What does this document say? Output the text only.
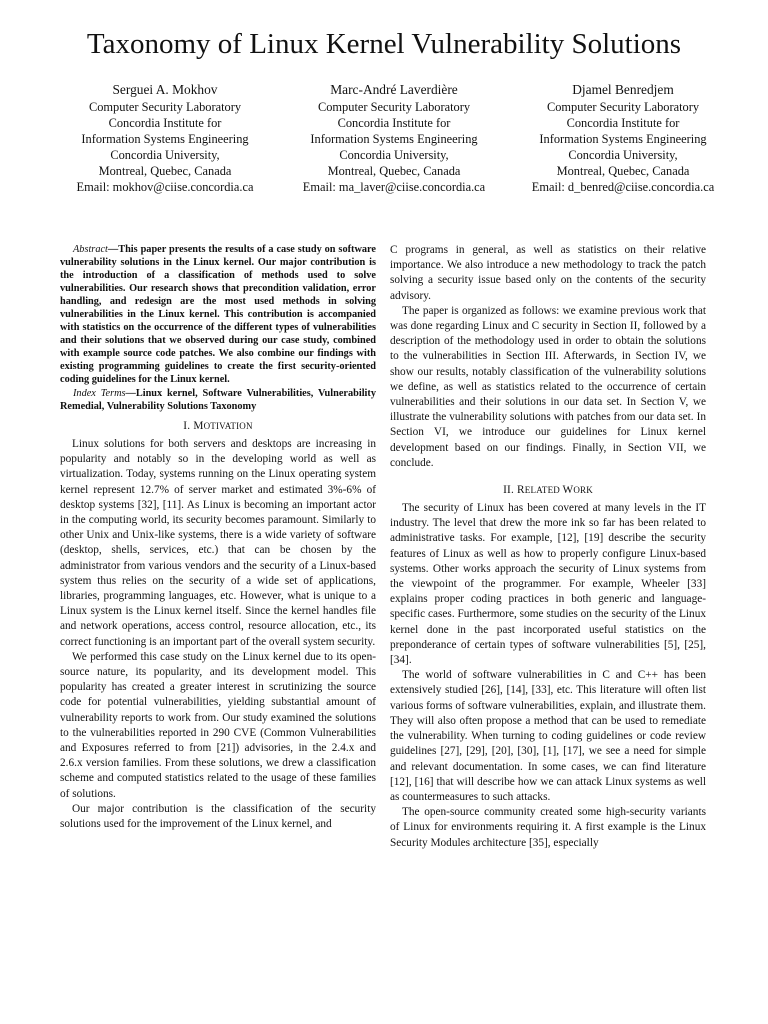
Taxonomy of Linux Kernel Vulnerability Solutions
Serguei A. Mokhov
Computer Security Laboratory
Concordia Institute for
Information Systems Engineering
Concordia University,
Montreal, Quebec, Canada
Email: mokhov@ciise.concordia.ca
Marc-André Laverdière
Computer Security Laboratory
Concordia Institute for
Information Systems Engineering
Concordia University,
Montreal, Quebec, Canada
Email: ma_laver@ciise.concordia.ca
Djamel Benredjem
Computer Security Laboratory
Concordia Institute for
Information Systems Engineering
Concordia University,
Montreal, Quebec, Canada
Email: d_benred@ciise.concordia.ca

Abstract—This paper presents the results of a case study on software vulnerability solutions in the Linux kernel. Our major contribution is the introduction of a classification of methods used to solve vulnerabilities. Our research shows that precondition validation, error handling, and redesign are the most used methods in solving vulnerabilities in the Linux kernel. This contribution is accompanied with statistics on the occurrence of the different types of vulnerabilities and their solutions that we observed during our case study, combined with example source code patches. We also combine our findings with existing programming guidelines to create the first security-oriented coding guidelines for the Linux kernel.

Index Terms—Linux kernel, Software Vulnerabilities, Vulnerability Remedial, Vulnerability Solutions Taxonomy

I. MOTIVATION

Linux solutions for both servers and desktops are increasing in popularity and notably so in the developing world as well as virtualization. Today, systems running on the Linux operating system kernel represent 12.7% of server market and estimated 3%-6% of desktop systems [32], [11]. As Linux is becoming an important actor in the computing world, its security becomes paramount. Similarly to other Unix and Unix-like systems, there is a wide variety of software (desktop, shells, services, etc.) that can be chosen by the administrator from various vendors and the security of a Linux-based system thus relies on the security of a wide set of applications, libraries, programming languages, etc. However, what is unique to a Linux system is the Linux kernel itself. Since the kernel handles file and network operations, access control, resource allocation, etc., its correct functioning is an important part of the overall system security.

We performed this case study on the Linux kernel due to its open-source nature, its popularity, and its development model. This popularity has created a greater interest in scrutinizing the source code for potential vulnerabilities, yielding substantial amount of vulnerability reports to work from. Our study examined the solutions to the vulnerabilities reported in 290 CVE (Common Vulnerabilities and Exposures referred to from [21]) advisories, in the 2.4.x and 2.6.x version families. From these solutions, we drew a classification scheme and computed statistics related to the usage of these families of solutions.

Our major contribution is the classification of the security solutions used for the improvement of the Linux kernel, and

C programs in general, as well as statistics on their relative importance. We also introduce a new methodology to track the patch solving a security issue based only on the contents of the security advisory.

The paper is organized as follows: we examine previous work that was done regarding Linux and C security in Section II, followed by a description of the methodology used in order to obtain the solutions to the vulnerabilities in Section III. Afterwards, in Section IV, we show our results, notably classification of the vulnerability solutions we define, as well as statistics related to the occurrence of certain vulnerabilities and their solutions in our data set. In Section V, we illustrate the vulnerability solutions with patches from our data set. In Section VI, we introduce our guidelines for Linux kernel development based on our findings. Finally, in Section VII, we conclude.

II. RELATED WORK

The security of Linux has been covered at many levels in the IT industry. The level that drew the more ink so far has been related to administrative tasks. For example, [12], [19] describe the security features of Linux as well as how to properly configure Linux-based systems. Other works approach the security of Linux systems from the viewpoint of the programmer. For example, Wheeler [33] explains proper coding practices in both generic and language-specific cases. Furthermore, some studies on the security of the Linux kernel done in the past incorporated useful statistics on the preponderance of certain types of software vulnerabilities [5], [25], [34].

The world of software vulnerabilities in C and C++ has been extensively studied [26], [14], [33], etc. This literature will often list various forms of software vulnerabilities, explain, and illustrate them. They will also often propose a method that can be used to remediate the vulnerability. When turning to coding guidelines or code review guidelines [27], [29], [20], [30], [1], [17], we see a need for simple and relevant documentation. In some cases, we can find literature [12], [16] that will describe how we can attack Linux systems as well as countermeasures to such attacks.

The open-source community created some high-security variants of Linux for environments requiring it. A first example is the Linux Security Modules architecture [35], especially
